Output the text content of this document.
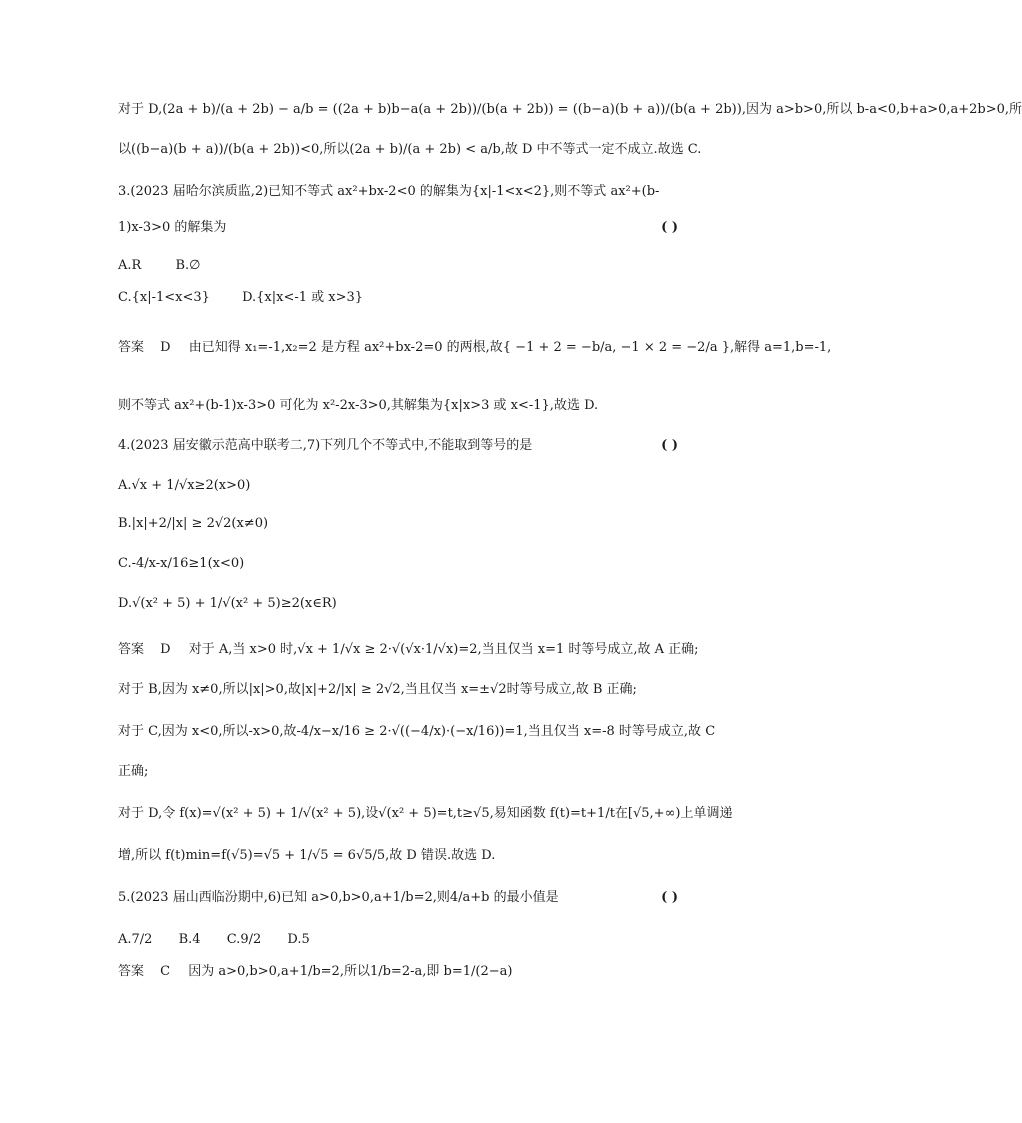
对于 D,(2a + b)/(a + 2b) − a/b = ((2a + b)b−a(a + 2b))/(b(a + 2b)) = ((b−a)(b + a))/(b(a + 2b)),因为 a>b>0,所以 b-a<0,b+a>0,a+2b>0,所
以((b−a)(b + a))/(b(a + 2b))<0,所以(2a + b)/(a + 2b) < a/b,故 D 中不等式一定不成立.故选 C.
3.(2023 届哈尔滨质监,2)已知不等式 ax²+bx-2<0 的解集为{x|-1<x<2},则不等式 ax²+(b-
1)x-3>0 的解集为	( )
A.R	B.∅
C.{x|-1<x<3} D.{x|x<-1 或 x>3}
答案 D 由已知得 x₁=-1,x₂=2 是方程 ax²+bx-2=0 的两根,故{ −1 + 2 = −b/a, −1 × 2 = −2/a },解得 a=1,b=-1,
则不等式 ax²+(b-1)x-3>0 可化为 x²-2x-3>0,其解集为{x|x>3 或 x<-1},故选 D.
4.(2023 届安徽示范高中联考二,7)下列几个不等式中,不能取到等号的是	( )
A.√x + 1/√x≥2(x>0)
B.|x|+2/|x| ≥ 2√2(x≠0)
C.-4/x-x/16≥1(x<0)
D.√(x² + 5) + 1/√(x² + 5)≥2(x∈R)
答案 D 对于 A,当 x>0 时,√x + 1/√x ≥ 2·√(√x·1/√x)=2,当且仅当 x=1 时等号成立,故 A 正确;
对于 B,因为 x≠0,所以|x|>0,故|x|+2/|x| ≥ 2√2,当且仅当 x=±√2时等号成立,故 B 正确;
对于 C,因为 x<0,所以-x>0,故-4/x−x/16 ≥ 2·√((−4/x)·(−x/16))=1,当且仅当 x=-8 时等号成立,故 C
正确;
对于 D,令 f(x)=√(x² + 5) + 1/√(x² + 5),设√(x² + 5)=t,t≥√5,易知函数 f(t)=t+1/t在[√5,+∞)上单调递
增,所以 f(t)min=f(√5)=√5 + 1/√5 = 6√5/5,故 D 错误.故选 D.
5.(2023 届山西临汾期中,6)已知 a>0,b>0,a+1/b=2,则4/a+b 的最小值是	( )
A.7/2 B.4 C.9/2 D.5
答案 C 因为 a>0,b>0,a+1/b=2,所以1/b=2-a,即 b=1/(2−a)
